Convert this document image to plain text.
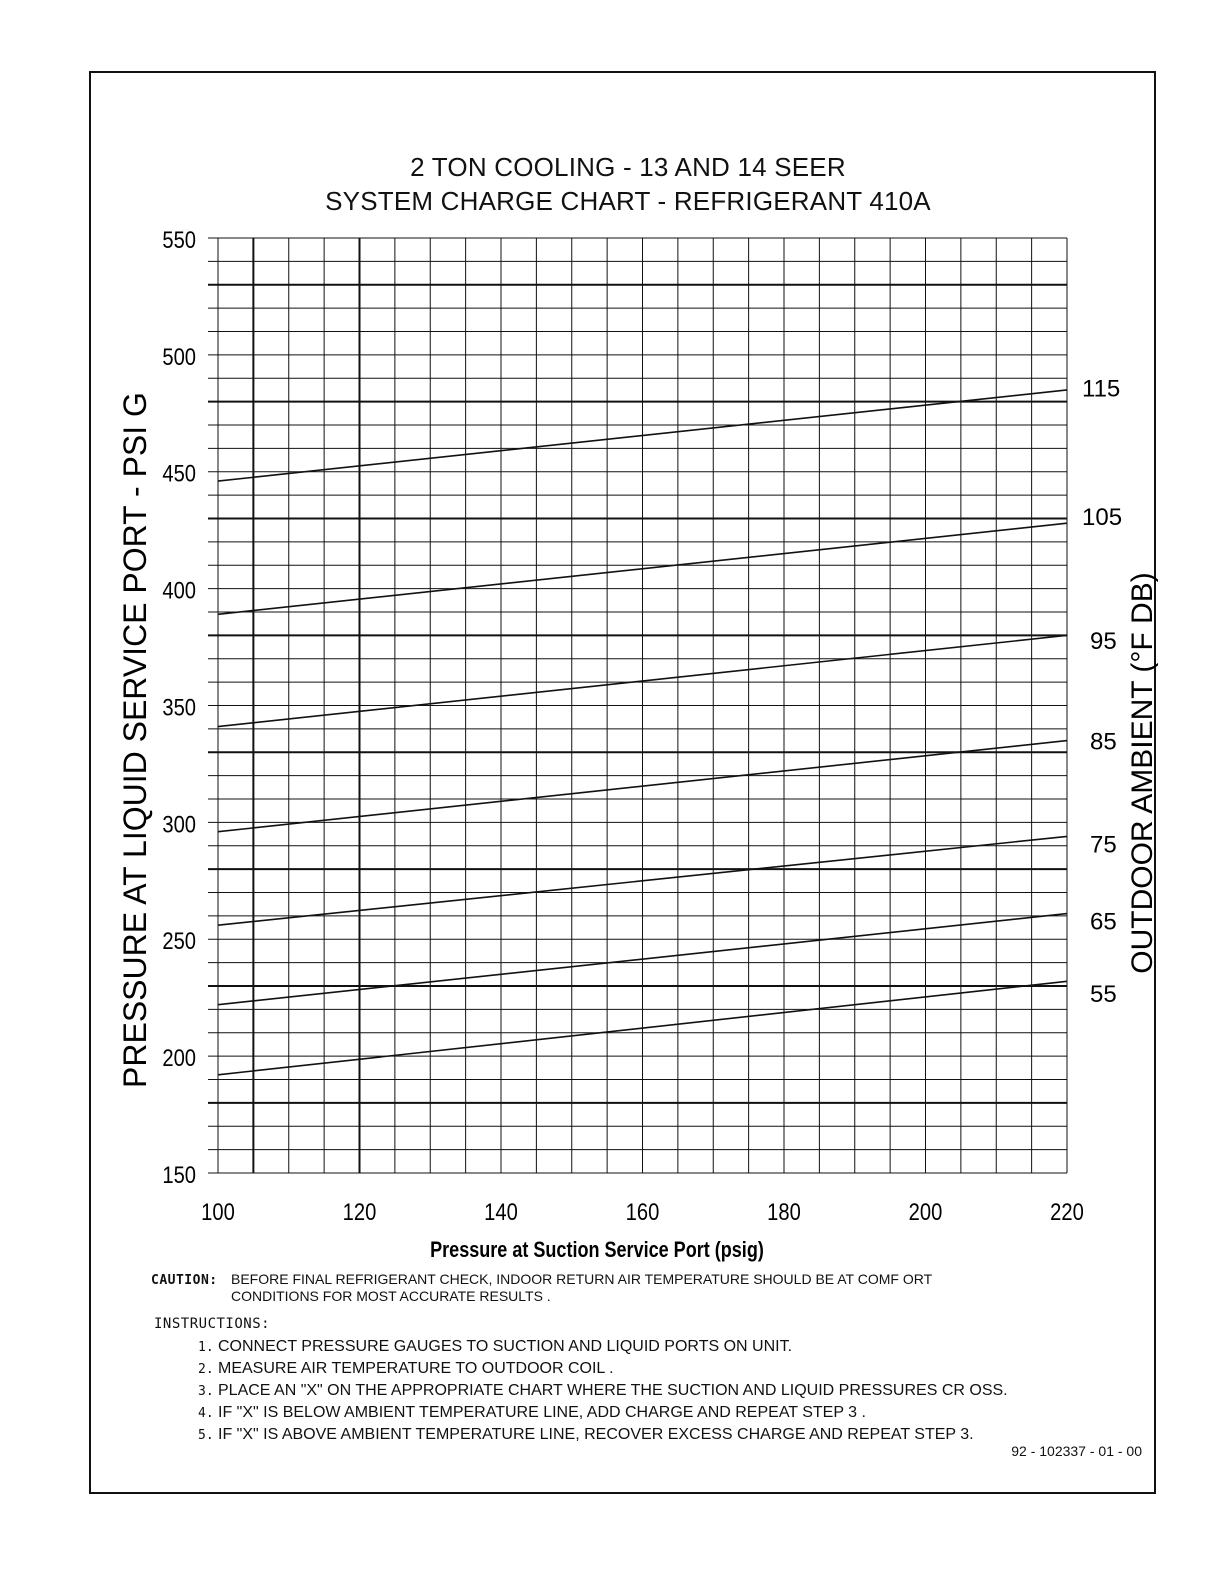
2 TON COOLING - 13 AND 14 SEER
SYSTEM CHARGE CHART - REFRIGERANT 410A
550
500
450
400
350
300
250
200
150
100	120	140	160	180	200	220
115
105
95
85
75
65
55
PRESSURE AT LIQUID SERVICE PORT - PSI G	OUTDOOR AMBIENT (°F DB)
Pressure at Suction Service Port (psig)
CAUTION: BEFORE FINAL REFRIGERANT CHECK, INDOOR RETURN AIR TEMPERATURE SHOULD BE AT COMF ORT
CONDITIONS FOR MOST ACCURATE RESULTS .
INSTRUCTIONS:
1. CONNECT PRESSURE GAUGES TO SUCTION AND LIQUID PORTS ON UNIT.
2. MEASURE AIR TEMPERATURE TO OUTDOOR COIL .
3. PLACE AN "X" ON THE APPROPRIATE CHART WHERE THE SUCTION AND LIQUID PRESSURES CR OSS.
4. IF "X" IS BELOW AMBIENT TEMPERATURE LINE, ADD CHARGE AND REPEAT STEP 3 .
5. IF "X" IS ABOVE AMBIENT TEMPERATURE LINE, RECOVER EXCESS CHARGE AND REPEAT STEP 3.
92 - 102337 - 01 - 00
